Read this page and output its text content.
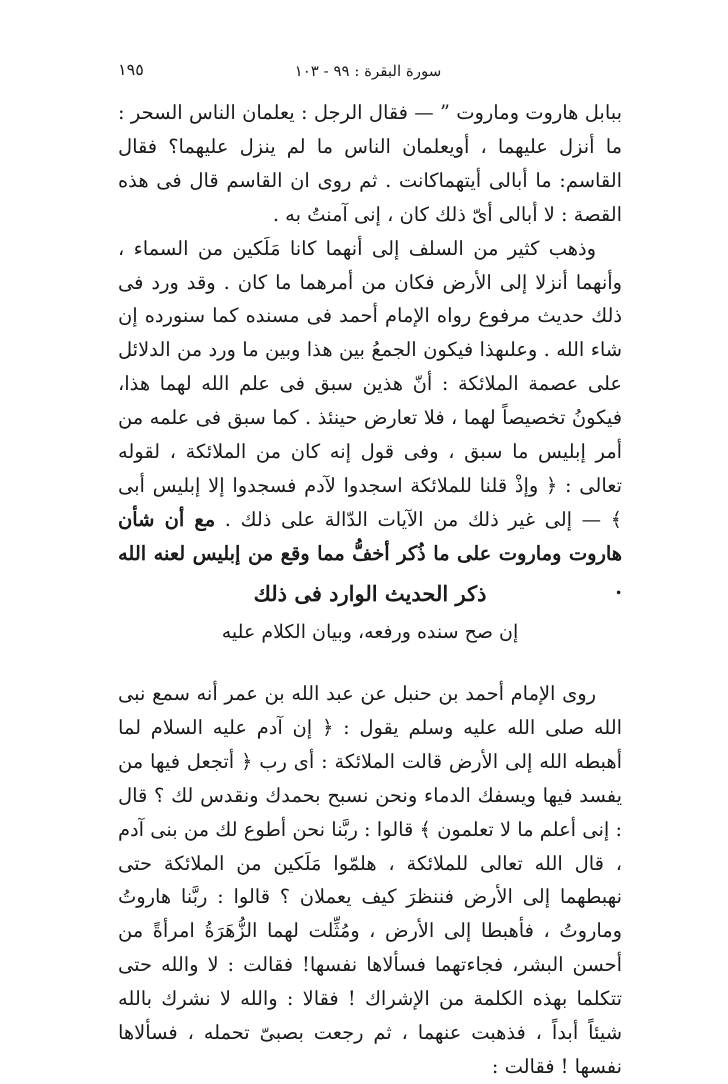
١٩٥	سورة البقرة : ٩٩ - ١٠٣

ببابل هاروت وماروت ” — فقال الرجل : يعلمان الناس السحر : ما أنزل عليهما ، أويعلمان الناس ما لم ينزل عليهما؟ فقال القاسم: ما أبالى أيتهماكانت . ثم روى ان القاسم قال فى هذه القصة : لا أبالى أىّ ذلك كان ، إنى آمنتُ به .

وذهب كثير من السلف إلى أنهما كانا مَلَكين من السماء ، وأنهما أنزلا إلى الأرض فكان من أمرهما ما كان . وقد ورد فى ذلك حديث مرفوع رواه الإمام أحمد فى مسنده كما سنورده إن شاء الله . وعلىهذا فيكون الجمعُ بين هذا وبين ما ورد من الدلائل على عصمة الملائكة : أنّ هذين سبق فى علم الله لهما هذا، فيكونُ تخصيصاً لهما ، فلا تعارض حينئذ . كما سبق فى علمه من أمر إبليس ما سبق ، وفى قول إنه كان من الملائكة ، لقوله تعالى : ﴿ وإذْ قلنا للملائكة اسجدوا لآدم فسجدوا إلا إبليس أبى ﴾ — إلى غير ذلك من الآيات الدّالة على ذلك . مع أن شأن هاروت وماروت على ما ذُكر أخفُّ مما وقع من إبليس لعنه الله .

ذكر الحديث الوارد فى ذلك
إن صح سنده ورفعه، وبيان الكلام عليه

روى الإمام أحمد بن حنبل عن عبد الله بن عمر أنه سمع نبى الله صلى الله عليه وسلم يقول : ﴿ إن آدم عليه السلام لما أهبطه الله إلى الأرض قالت الملائكة : أى رب ﴿ أتجعل فيها من يفسد فيها ويسفك الدماء ونحن نسبح بحمدك ونقدس لك ؟ قال : إنى أعلم ما لا تعلمون ﴾ قالوا : ربَّنا نحن أطوع لك من بنى آدم ، قال الله تعالى للملائكة ، هلمّوا مَلَكين من الملائكة حتى نهبطهما إلى الأرض فننظرَ كيف يعملان ؟ قالوا : ربَّنا هاروتُ وماروتُ ، فأهبطا إلى الأرض ، ومُثِّلت لهما الزُّهَرَةُ امرأةً من أحسن البشر، فجاءتهما فسألاها نفسها! فقالت : لا والله حتى تتكلما بهذه الكلمة من الإشراك ! فقالا : والله لا نشرك بالله شيئاً أبداً ، فذهبت عنهما ، ثم رجعت بصبىّ تحمله ، فسألاها نفسها ! فقالت :
